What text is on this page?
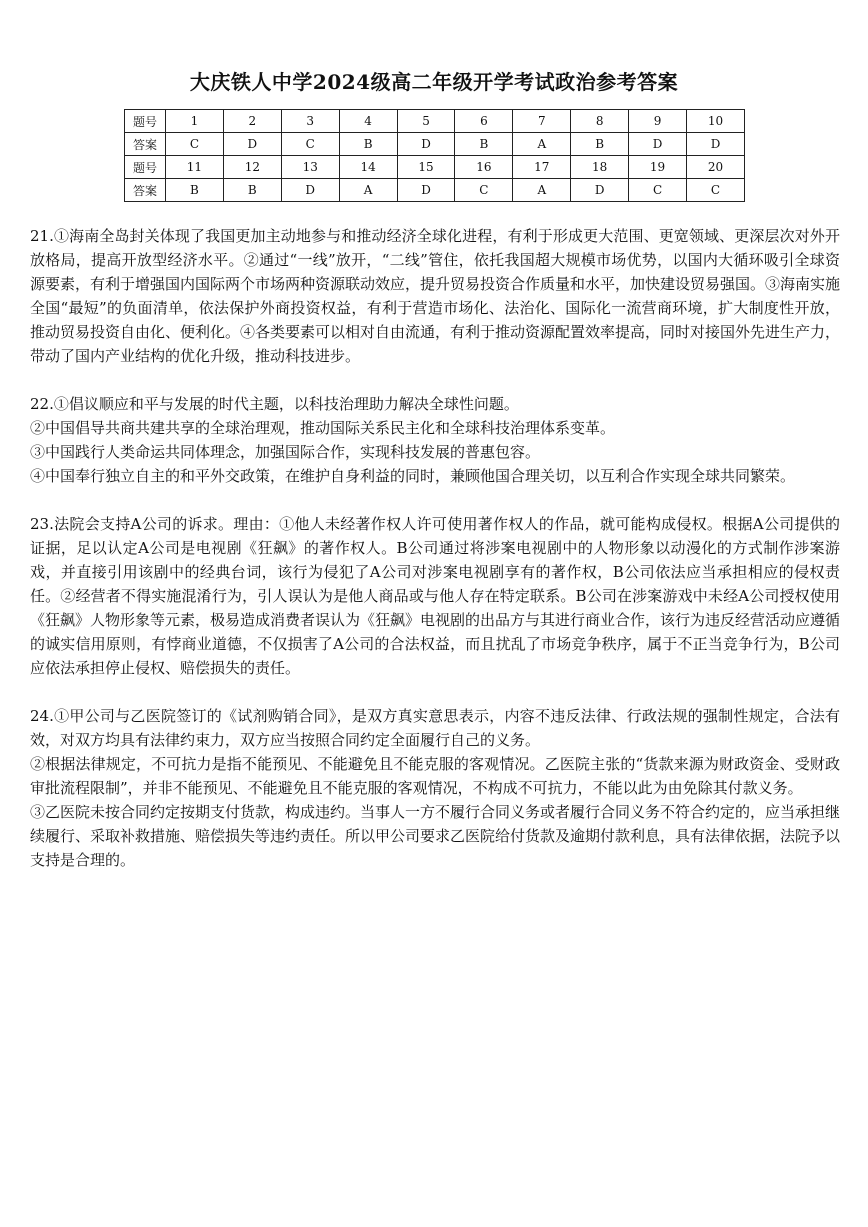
大庆铁人中学2024级高二年级开学考试政治参考答案
题号	1	2	3	4	5	6	7	8	9	10
答案	C	D	C	B	D	B	A	B	D	D
题号	11	12	13	14	15	16	17	18	19	20
答案	B	B	D	A	D	C	A	D	C	C

21.①海南全岛封关体现了我国更加主动地参与和推动经济全球化进程，有利于形成更大范围、更宽领域、更深层次对外开放格局，提高开放型经济水平。②通过“一线”放开，“二线”管住，依托我国超大规模市场优势，以国内大循环吸引全球资源要素，有利于增强国内国际两个市场两种资源联动效应，提升贸易投资合作质量和水平，加快建设贸易强国。③海南实施全国“最短”的负面清单，依法保护外商投资权益，有利于营造市场化、法治化、国际化一流营商环境，扩大制度性开放，推动贸易投资自由化、便利化。④各类要素可以相对自由流通，有利于推动资源配置效率提高，同时对接国外先进生产力，带动了国内产业结构的优化升级，推动科技进步。

22.①倡议顺应和平与发展的时代主题，以科技治理助力解决全球性问题。

②中国倡导共商共建共享的全球治理观，推动国际关系民主化和全球科技治理体系变革。

③中国践行人类命运共同体理念，加强国际合作，实现科技发展的普惠包容。

④中国奉行独立自主的和平外交政策，在维护自身利益的同时，兼顾他国合理关切，以互利合作实现全球共同繁荣。

23.法院会支持A公司的诉求。理由：①他人未经著作权人许可使用著作权人的作品，就可能构成侵权。根据A公司提供的证据，足以认定A公司是电视剧《狂飙》的著作权人。B公司通过将涉案电视剧中的人物形象以动漫化的方式制作涉案游戏，并直接引用该剧中的经典台词，该行为侵犯了A公司对涉案电视剧享有的著作权，B公司依法应当承担相应的侵权责任。②经营者不得实施混淆行为，引人误认为是他人商品或与他人存在特定联系。B公司在涉案游戏中未经A公司授权使用《狂飙》人物形象等元素，极易造成消费者误认为《狂飙》电视剧的出品方与其进行商业合作，该行为违反经营活动应遵循的诚实信用原则，有悖商业道德，不仅损害了A公司的合法权益，而且扰乱了市场竞争秩序，属于不正当竞争行为，B公司应依法承担停止侵权、赔偿损失的责任。

24.①甲公司与乙医院签订的《试剂购销合同》，是双方真实意思表示，内容不违反法律、行政法规的强制性规定，合法有效，对双方均具有法律约束力，双方应当按照合同约定全面履行自己的义务。

②根据法律规定，不可抗力是指不能预见、不能避免且不能克服的客观情况。乙医院主张的“货款来源为财政资金、受财政审批流程限制”，并非不能预见、不能避免且不能克服的客观情况，不构成不可抗力，不能以此为由免除其付款义务。

③乙医院未按合同约定按期支付货款，构成违约。当事人一方不履行合同义务或者履行合同义务不符合约定的，应当承担继续履行、采取补救措施、赔偿损失等违约责任。所以甲公司要求乙医院给付货款及逾期付款利息，具有法律依据，法院予以支持是合理的。
